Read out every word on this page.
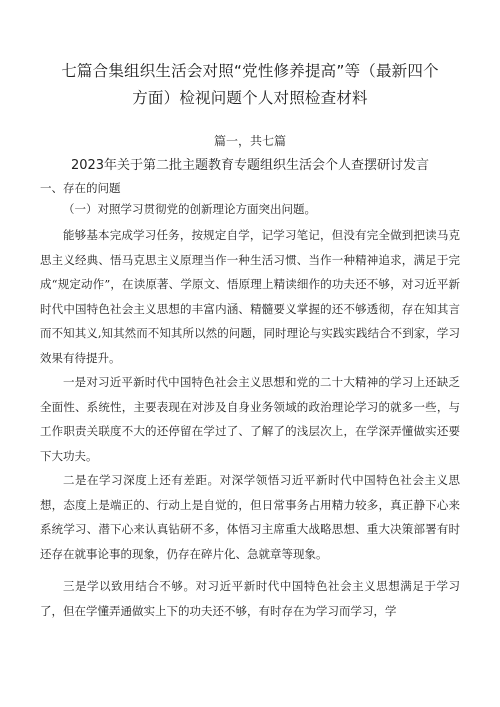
七篇合集组织生活会对照“党性修养提高”等（最新四个
方面）检视问题个人对照检查材料
篇一，共七篇
2023年关于第二批主题教育专题组织生活会个人查摆研讨发言

一、存在的问题

（一）对照学习贯彻党的创新理论方面突出问题。

能够基本完成学习任务，按规定自学，记学习笔记，但没有完全做到把读马克思主义经典、悟马克思主义原理当作一种生活习惯、当作一种精神追求，满足于完成“规定动作”，在读原著、学原文、悟原理上精读细作的功夫还不够，对习近平新时代中国特色社会主义思想的丰富内涵、精髓要义掌握的还不够透彻，存在知其言而不知其义,知其然而不知其所以然的问题，同时理论与实践实践结合不到家，学习效果有待提升。

一是对习近平新时代中国特色社会主义思想和党的二十大精神的学习上还缺乏全面性、系统性，主要表现在对涉及自身业务领域的政治理论学习的就多一些，与工作职责关联度不大的还停留在学过了、了解了的浅层次上，在学深弄懂做实还要下大功夫。

二是在学习深度上还有差距。对深学领悟习近平新时代中国特色社会主义思想，态度上是端正的、行动上是自觉的，但日常事务占用精力较多，真正静下心来系统学习、潜下心来认真钻研不多，体悟习主席重大战略思想、重大决策部署有时还存在就事论事的现象，仍存在碎片化、急就章等现象。

三是学以致用结合不够。对习近平新时代中国特色社会主义思想满足于学习了，但在学懂弄通做实上下的功夫还不够，有时存在为学习而学习，学
